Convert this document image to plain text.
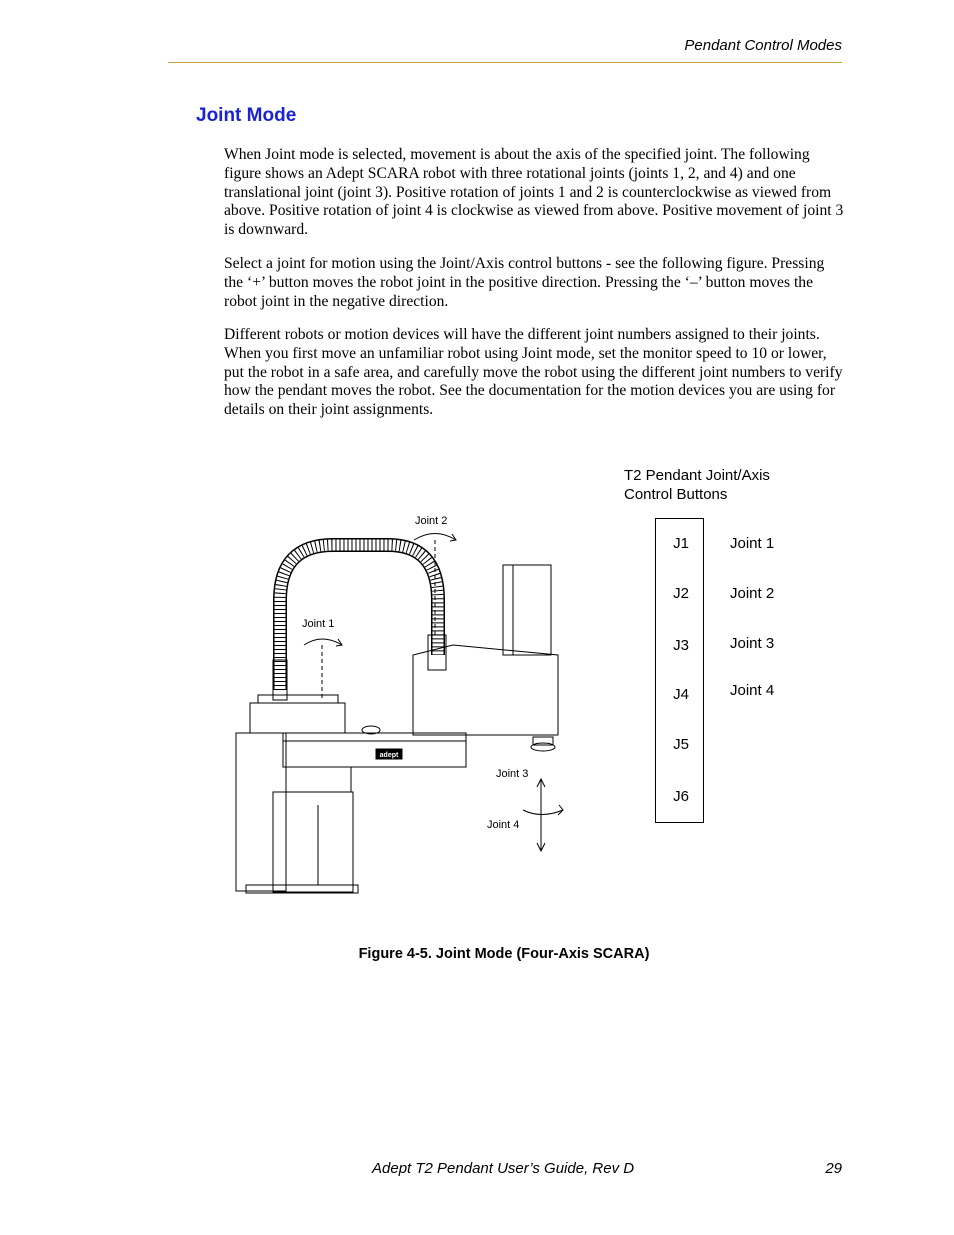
Pendant Control Modes
Joint Mode

When Joint mode is selected, movement is about the axis of the specified joint. The following figure shows an Adept SCARA robot with three rotational joints (joints 1, 2, and 4) and one translational joint (joint 3). Positive rotation of joints 1 and 2 is counterclockwise as viewed from above. Positive rotation of joint 4 is clockwise as viewed from above. Positive movement of joint 3 is downward.

Select a joint for motion using the Joint/Axis control buttons - see the following figure. Pressing the ‘+’ button moves the robot joint in the positive direction. Pressing the ‘–’ button moves the robot joint in the negative direction.

Different robots or motion devices will have the different joint numbers assigned to their joints. When you first move an unfamiliar robot using Joint mode, set the monitor speed to 10 or lower, put the robot in a safe area, and carefully move the robot using the different joint numbers to verify how the pendant moves the robot. See the documentation for the motion devices you are using for details on their joint assignments.

adept
Joint 1
Joint 2
Joint 3
Joint 4
T2 Pendant Joint/Axis
Control Buttons
J1
J2
J3
J4
J5
J6
Joint 1
Joint 2
Joint 3
Joint 4
Figure 4-5. Joint Mode (Four-Axis SCARA)
Adept T2 Pendant User’s Guide, Rev D	29
